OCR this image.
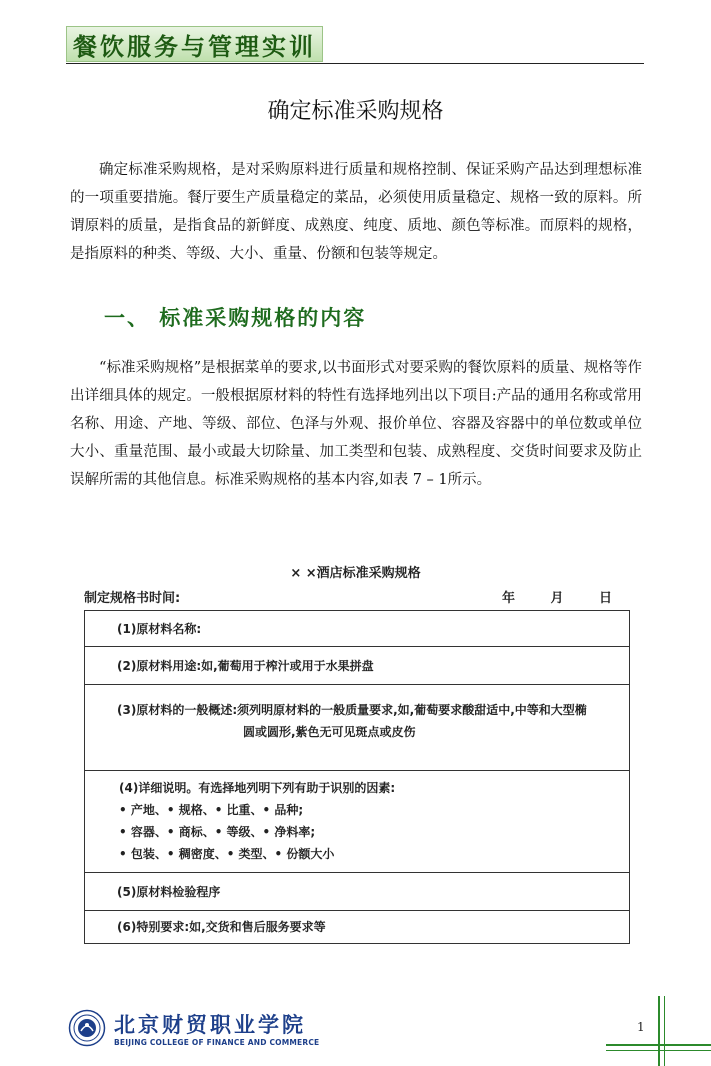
餐饮服务与管理实训
确定标准采购规格

确定标准采购规格，是对采购原料进行质量和规格控制、保证采购产品达到理想标准的一项重要措施。餐厅要生产质量稳定的菜品，必须使用质量稳定、规格一致的原料。所谓原料的质量，是指食品的新鲜度、成熟度、纯度、质地、颜色等标准。而原料的规格，是指原料的种类、等级、大小、重量、份额和包装等规定。

一、 标准采购规格的内容

“标准采购规格”是根据菜单的要求,以书面形式对要采购的餐饮原料的质量、规格等作出详细具体的规定。一般根据原材料的特性有选择地列出以下项目:产品的通用名称或常用名称、用途、产地、等级、部位、色泽与外观、报价单位、容器及容器中的单位数或单位大小、重量范围、最小或最大切除量、加工类型和包装、成熟程度、交货时间要求及防止误解所需的其他信息。标准采购规格的基本内容,如表 7 – 1所示。

× ×酒店标准采购规格
制定规格书时间:	年	月	日
(1)原材料名称:
(2)原材料用途:如,葡萄用于榨汁或用于水果拼盘
(3)原材料的一般概述:须列明原材料的一般质量要求,如,葡萄要求酸甜适中,中等和大型椭
圆或圆形,紫色无可见斑点或皮伤
(4)详细说明。有选择地列明下列有助于识别的因素:
• 产地、• 规格、• 比重、• 品种;
• 容器、• 商标、• 等级、• 净料率;
• 包装、• 稠密度、• 类型、• 份额大小
(5)原材料检验程序
(6)特别要求:如,交货和售后服务要求等
北京财贸职业学院
BEIJING COLLEGE OF FINANCE AND COMMERCE
1
